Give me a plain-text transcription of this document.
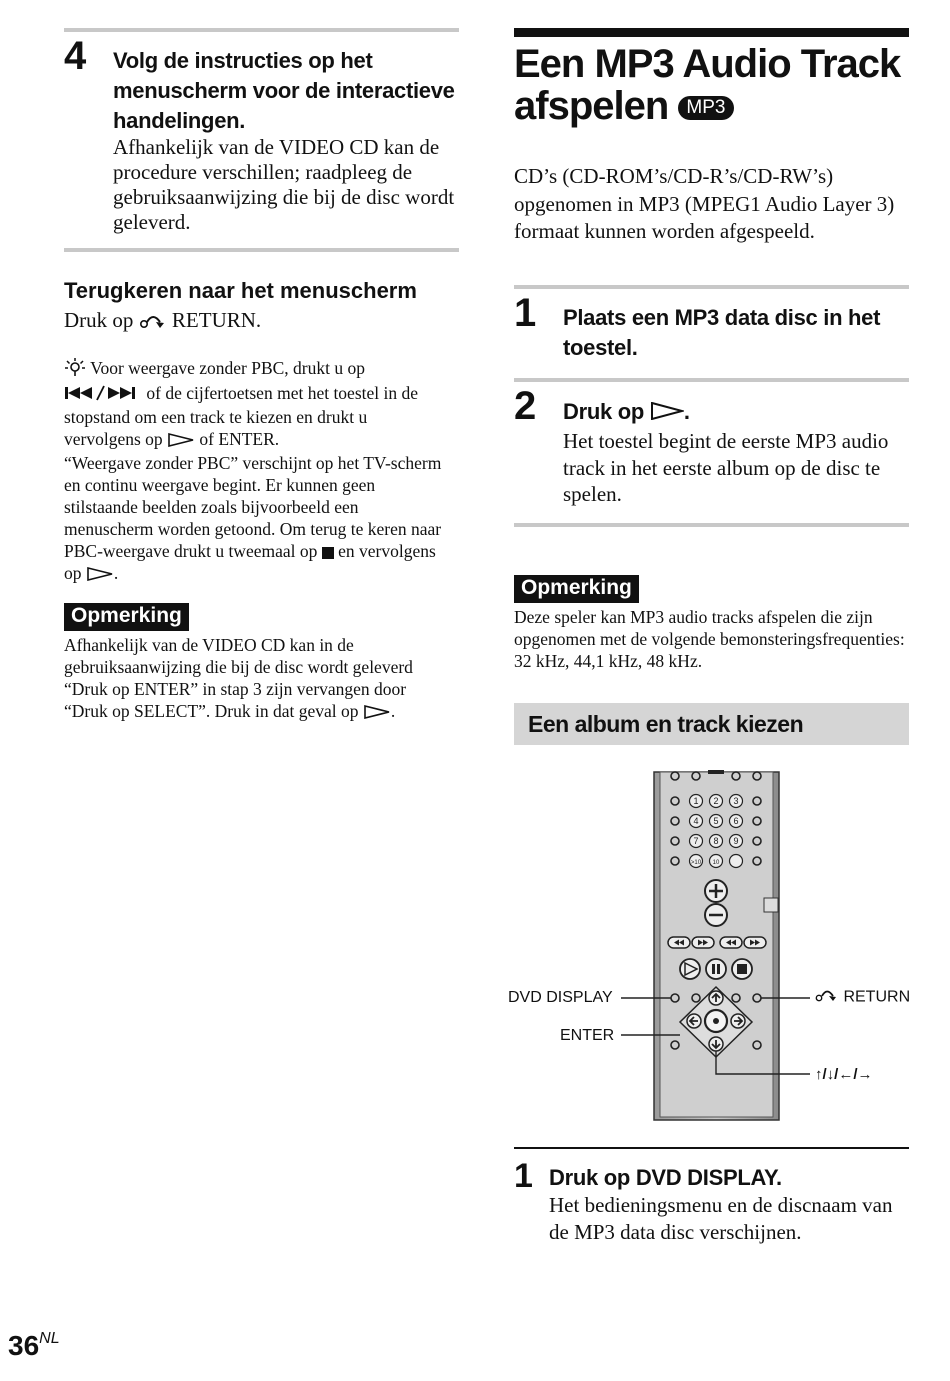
4 Volg de instructies op het menuscherm voor de interactieve handelingen.
Afhankelijk van de VIDEO CD kan de procedure verschillen; raadpleeg de gebruiksaanwijzing die bij de disc wordt geleverd.
Terugkeren naar het menuscherm
Druk op RETURN.
Voor weergave zonder PBC, drukt u op
of de cijfertoetsen met het toestel in de
stopstand om een track te kiezen en drukt u
vervolgens op of ENTER.
“Weergave zonder PBC” verschijnt op het TV-scherm
en continu weergave begint. Er kunnen geen
stilstaande beelden zoals bijvoorbeeld een
menuscherm worden getoond. Om terug te keren naar
PBC-weergave drukt u tweemaal op en vervolgens
op .
Opmerking
Afhankelijk van de VIDEO CD kan in de
gebruiksaanwijzing die bij de disc wordt geleverd
“Druk op ENTER” in stap 3 zijn vervangen door
“Druk op SELECT”. Druk in dat geval op .
Een MP3 Audio Track
afspelen MP3
CD’s (CD-ROM’s/CD-R’s/CD-RW’s) opgenomen in MP3 (MPEG1 Audio Layer 3) formaat kunnen worden afgespeeld.
1 Plaats een MP3 data disc in het toestel.
2 Druk op .
Het toestel begint de eerste MP3 audio track in het eerste album op de disc te spelen.
Opmerking
Deze speler kan MP3 audio tracks afspelen die zijn opgenomen met de volgende bemonsteringsfrequenties: 32 kHz, 44,1 kHz, 48 kHz.
Een album en track kiezen
1 2 3
4 5 6
7 8 9
>10 10
DVD DISPLAY
ENTER
RETURN
↑/↓/←/→
1 Druk op DVD DISPLAY.
Het bedieningsmenu en de discnaam van de MP3 data disc verschijnen.
$36^{NL}$
